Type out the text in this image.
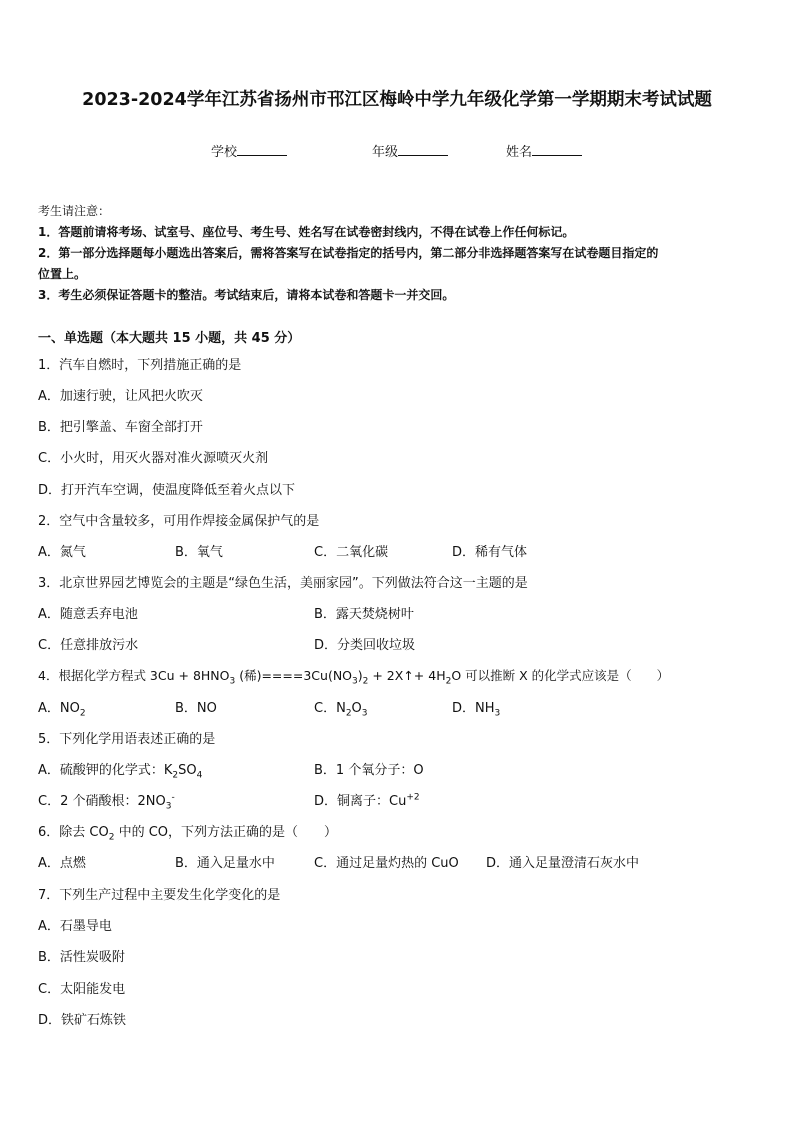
2023-2024学年江苏省扬州市邗江区梅岭中学九年级化学第一学期期末考试试题
学校	年级	姓名
考生请注意：
1．答题前请将考场、试室号、座位号、考生号、姓名写在试卷密封线内，不得在试卷上作任何标记。
2．第一部分选择题每小题选出答案后，需将答案写在试卷指定的括号内，第二部分非选择题答案写在试卷题目指定的
位置上。
3．考生必须保证答题卡的整洁。考试结束后，请将本试卷和答题卡一并交回。
一、单选题（本大题共 15 小题，共 45 分）
1．汽车自燃时，下列措施正确的是
A．加速行驶，让风把火吹灭
B．把引擎盖、车窗全部打开
C．小火时，用灭火器对准火源喷灭火剂
D．打开汽车空调，使温度降低至着火点以下
2．空气中含量较多，可用作焊接金属保护气的是
A．氮气	B．氧气	C．二氧化碳	D．稀有气体
3．北京世界园艺博览会的主题是“绿色生活，美丽家园”。下列做法符合这一主题的是
A．随意丢弃电池	B．露天焚烧树叶
C．任意排放污水	D．分类回收垃圾
4．根据化学方程式 $3Cu + 8HNO_3$ (稀)$====3Cu(NO_3)_2$ + 2X↑+ $4H_2O$ 可以推断 X 的化学式应该是（　　）
A．$NO_2$	B．NO	C．$N_2O_3$	D．$NH_3$
5．下列化学用语表述正确的是
A．硫酸钾的化学式：$K_2SO_4$	B．1 个氧分子：O
C．2 个硝酸根：$2NO_3^-$	D．铜离子：$Cu^{+2}$
6．除去 $CO_2$ 中的 CO，下列方法正确的是（　　）
A．点燃	B．通入足量水中	C．通过足量灼热的 CuO D．通入足量澄清石灰水中
7．下列生产过程中主要发生化学变化的是
A．石墨导电
B．活性炭吸附
C．太阳能发电
D．铁矿石炼铁
